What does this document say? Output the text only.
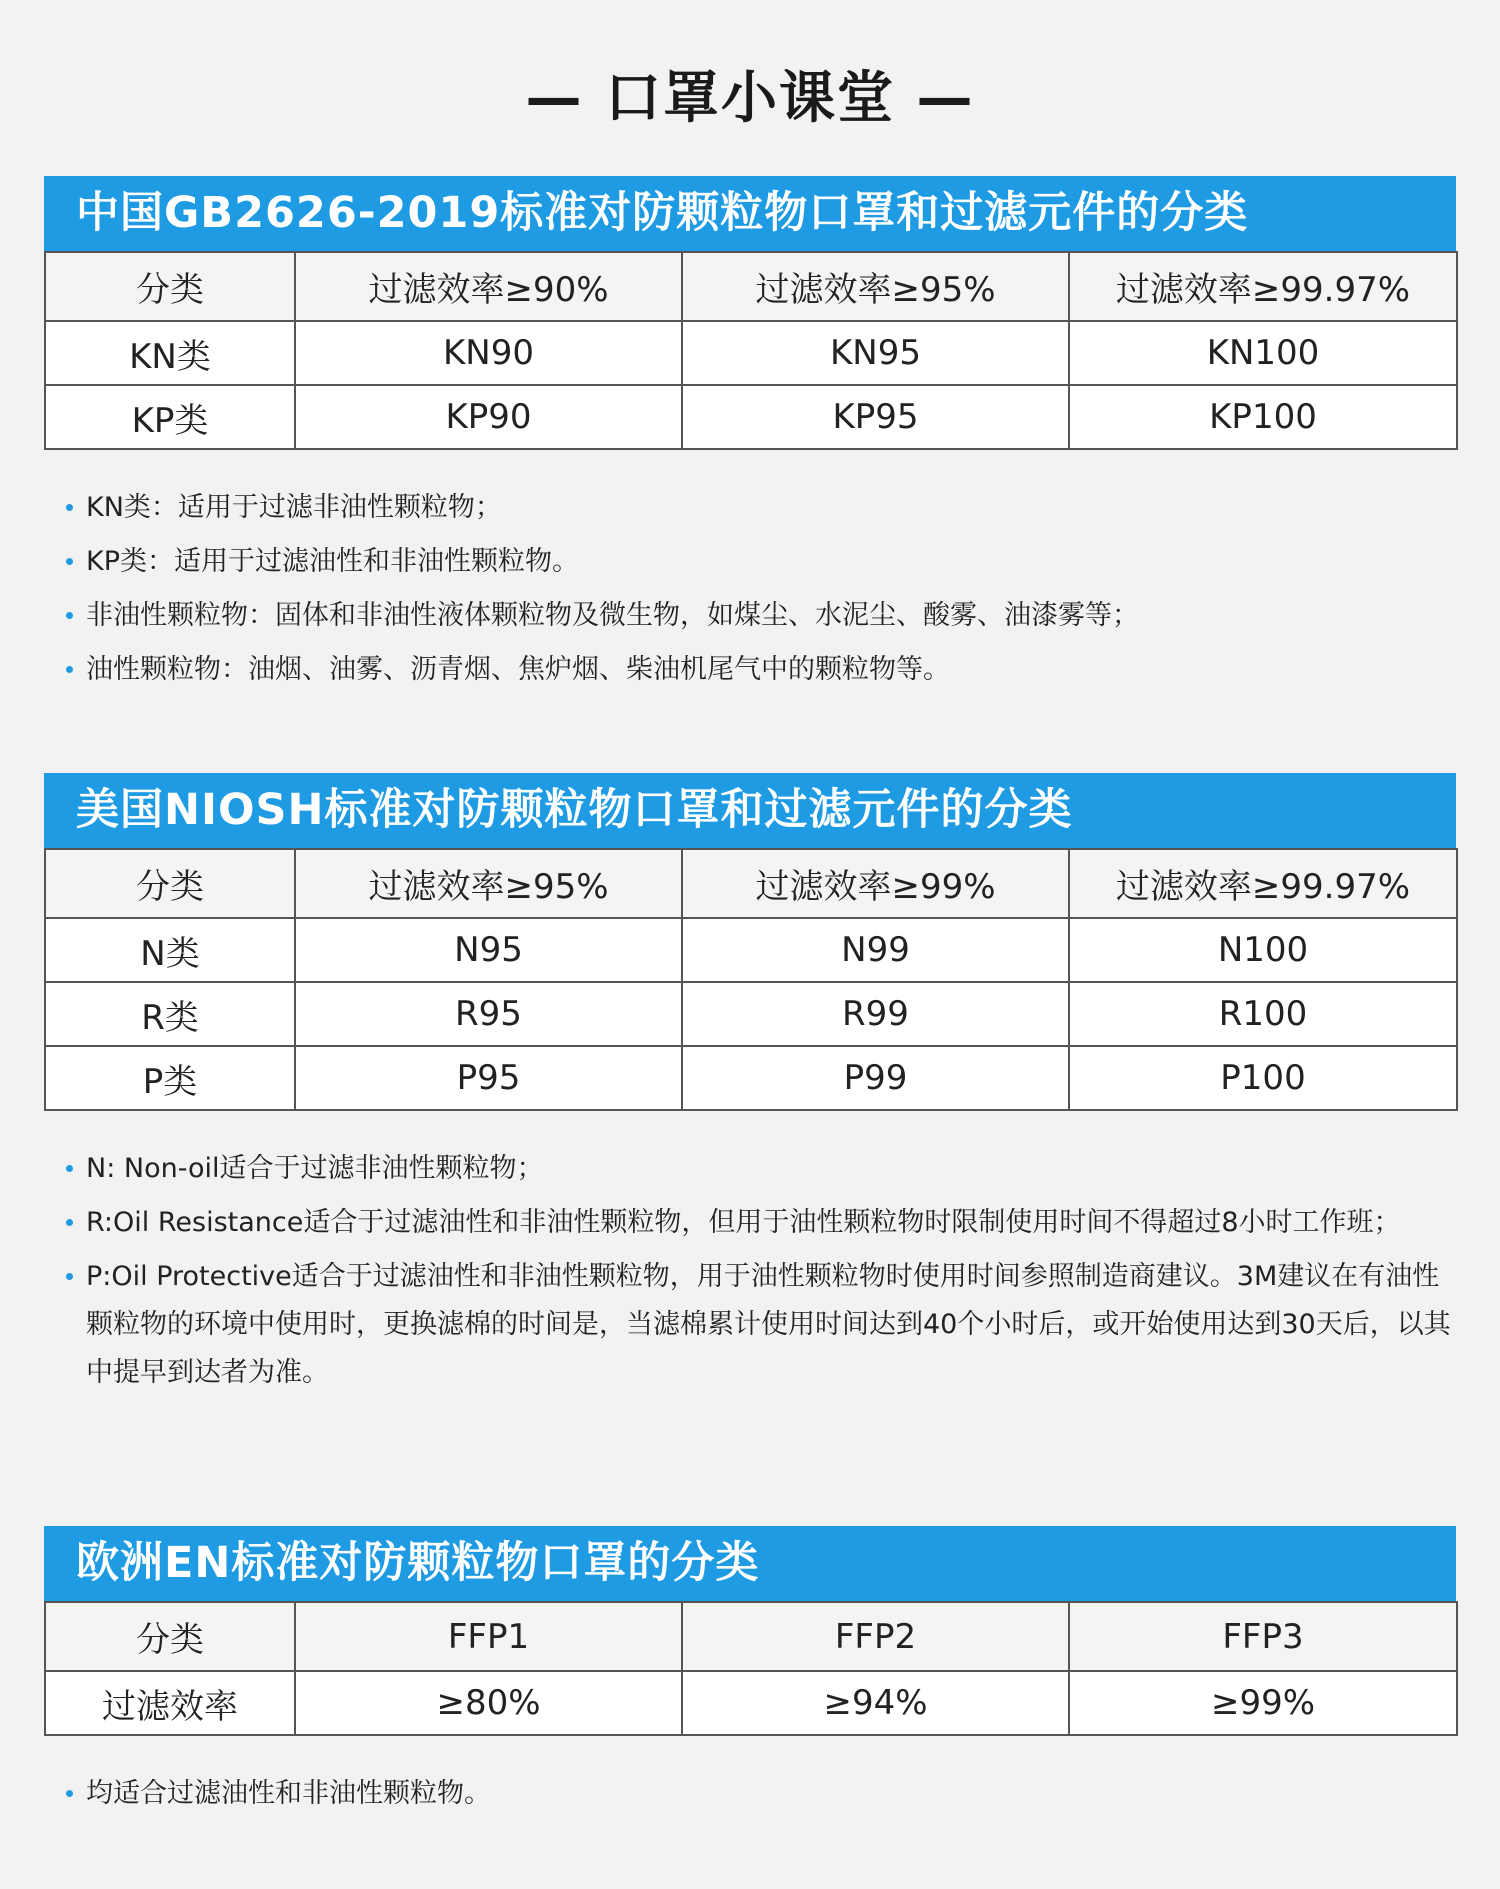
— 口罩小课堂 —
中国GB2626-2019标准对防颗粒物口罩和过滤元件的分类
分类	过滤效率≥90%	过滤效率≥95%	过滤效率≥99.97%
KN类	KN90	KN95	KN100
KP类	KP90	KP95	KP100
KN类：适用于过滤非油性颗粒物；
KP类：适用于过滤油性和非油性颗粒物。
非油性颗粒物：固体和非油性液体颗粒物及微生物，如煤尘、水泥尘、酸雾、油漆雾等；
油性颗粒物：油烟、油雾、沥青烟、焦炉烟、柴油机尾气中的颗粒物等。
美国NIOSH标准对防颗粒物口罩和过滤元件的分类
分类	过滤效率≥95%	过滤效率≥99%	过滤效率≥99.97%
N类	N95	N99	N100
R类	R95	R99	R100
P类	P95	P99	P100
N: Non-oil适合于过滤非油性颗粒物；
R:Oil Resistance适合于过滤油性和非油性颗粒物，但用于油性颗粒物时限制使用时间不得超过8小时工作班；
P:Oil Protective适合于过滤油性和非油性颗粒物，用于油性颗粒物时使用时间参照制造商建议。3M建议在有油性颗粒物的环境中使用时，更换滤棉的时间是，当滤棉累计使用时间达到40个小时后，或开始使用达到30天后，以其中提早到达者为准。
欧洲EN标准对防颗粒物口罩的分类
分类	FFP1	FFP2	FFP3
过滤效率	≥80%	≥94%	≥99%
均适合过滤油性和非油性颗粒物。
